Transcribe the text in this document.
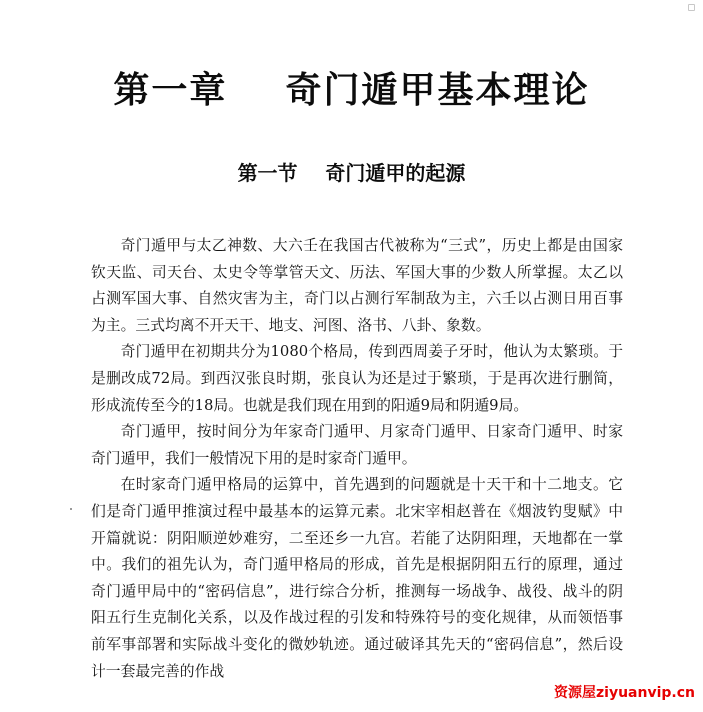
第一章    奇门遁甲基本理论
第一节    奇门遁甲的起源

奇门遁甲与太乙神数、大六壬在我国古代被称为“三式”，历史上都是由国家钦天监、司天台、太史令等掌管天文、历法、军国大事的少数人所掌握。太乙以占测军国大事、自然灾害为主，奇门以占测行军制敌为主，六壬以占测日用百事为主。三式均离不开天干、地支、河图、洛书、八卦、象数。

奇门遁甲在初期共分为1080个格局，传到西周姜子牙时，他认为太繁琐。于是删改成72局。到西汉张良时期，张良认为还是过于繁琐，于是再次进行删简，形成流传至今的18局。也就是我们现在用到的阳遁9局和阴遁9局。

奇门遁甲，按时间分为年家奇门遁甲、月家奇门遁甲、日家奇门遁甲、时家奇门遁甲，我们一般情况下用的是时家奇门遁甲。

在时家奇门遁甲格局的运算中，首先遇到的问题就是十天干和十二地支。它们是奇门遁甲推演过程中最基本的运算元素。北宋宰相赵普在《烟波钓叟赋》中开篇就说：阴阳顺逆妙难穷，二至还乡一九宫。若能了达阴阳理，天地都在一掌中。我们的祖先认为，奇门遁甲格局的形成，首先是根据阴阳五行的原理，通过奇门遁甲局中的“密码信息”，进行综合分析，推测每一场战争、战役、战斗的阴阳五行生克制化关系，以及作战过程的引发和特殊符号的变化规律，从而领悟事前军事部署和实际战斗变化的微妙轨迹。通过破译其先天的“密码信息”，然后设计一套最完善的作战

资源屋ziyuanvip.cn
